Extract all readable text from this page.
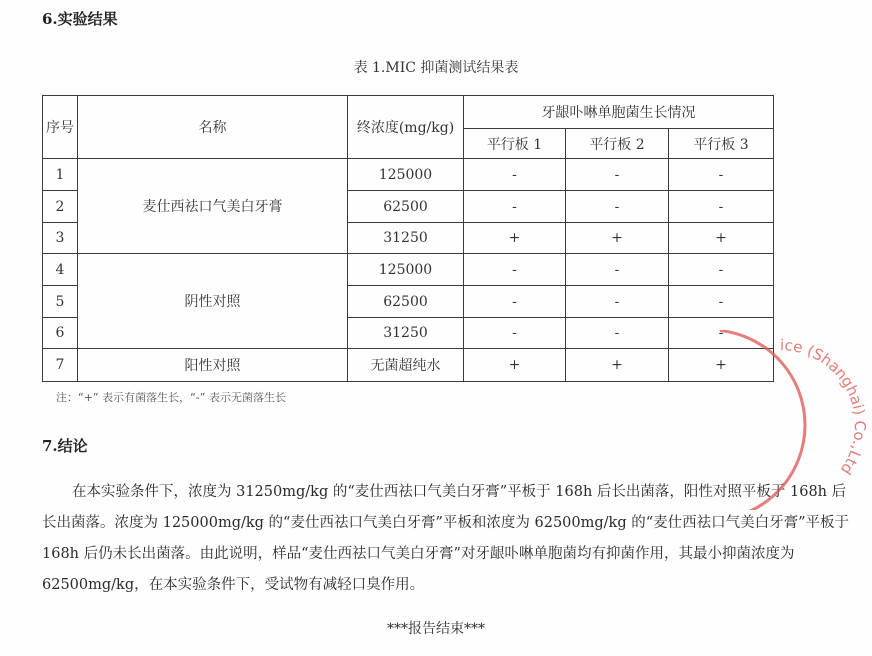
6.实验结果
表 1.MIC 抑菌测试结果表
序号	名称	终浓度(mg/kg)	牙龈卟啉单胞菌生长情况		
			平行板 1	平行板 2	平行板 3
1	麦仕西祛口气美白牙膏	125000	-	-	-
2		62500	-	-	-
3		31250	+	+	+
4	阴性对照	125000	-	-	-
5		62500	-	-	-
6		31250	-	-	-
7	阳性对照	无菌超纯水	+	+	+
注：“+” 表示有菌落生长，“-” 表示无菌落生长
7.结论
在本实验条件下，浓度为 31250mg/kg 的“麦仕西祛口气美白牙膏”平板于 168h 后长出菌落，阳性对照平板于 168h 后
长出菌落。浓度为 125000mg/kg 的“麦仕西祛口气美白牙膏”平板和浓度为 62500mg/kg 的“麦仕西祛口气美白牙膏”平板于
168h 后仍未长出菌落。由此说明，样品“麦仕西祛口气美白牙膏”对牙龈卟啉单胞菌均有抑菌作用，其最小抑菌浓度为
62500mg/kg，在本实验条件下，受试物有减轻口臭作用。
***报告结束***
ice (Shanghai) Co.,Ltd
